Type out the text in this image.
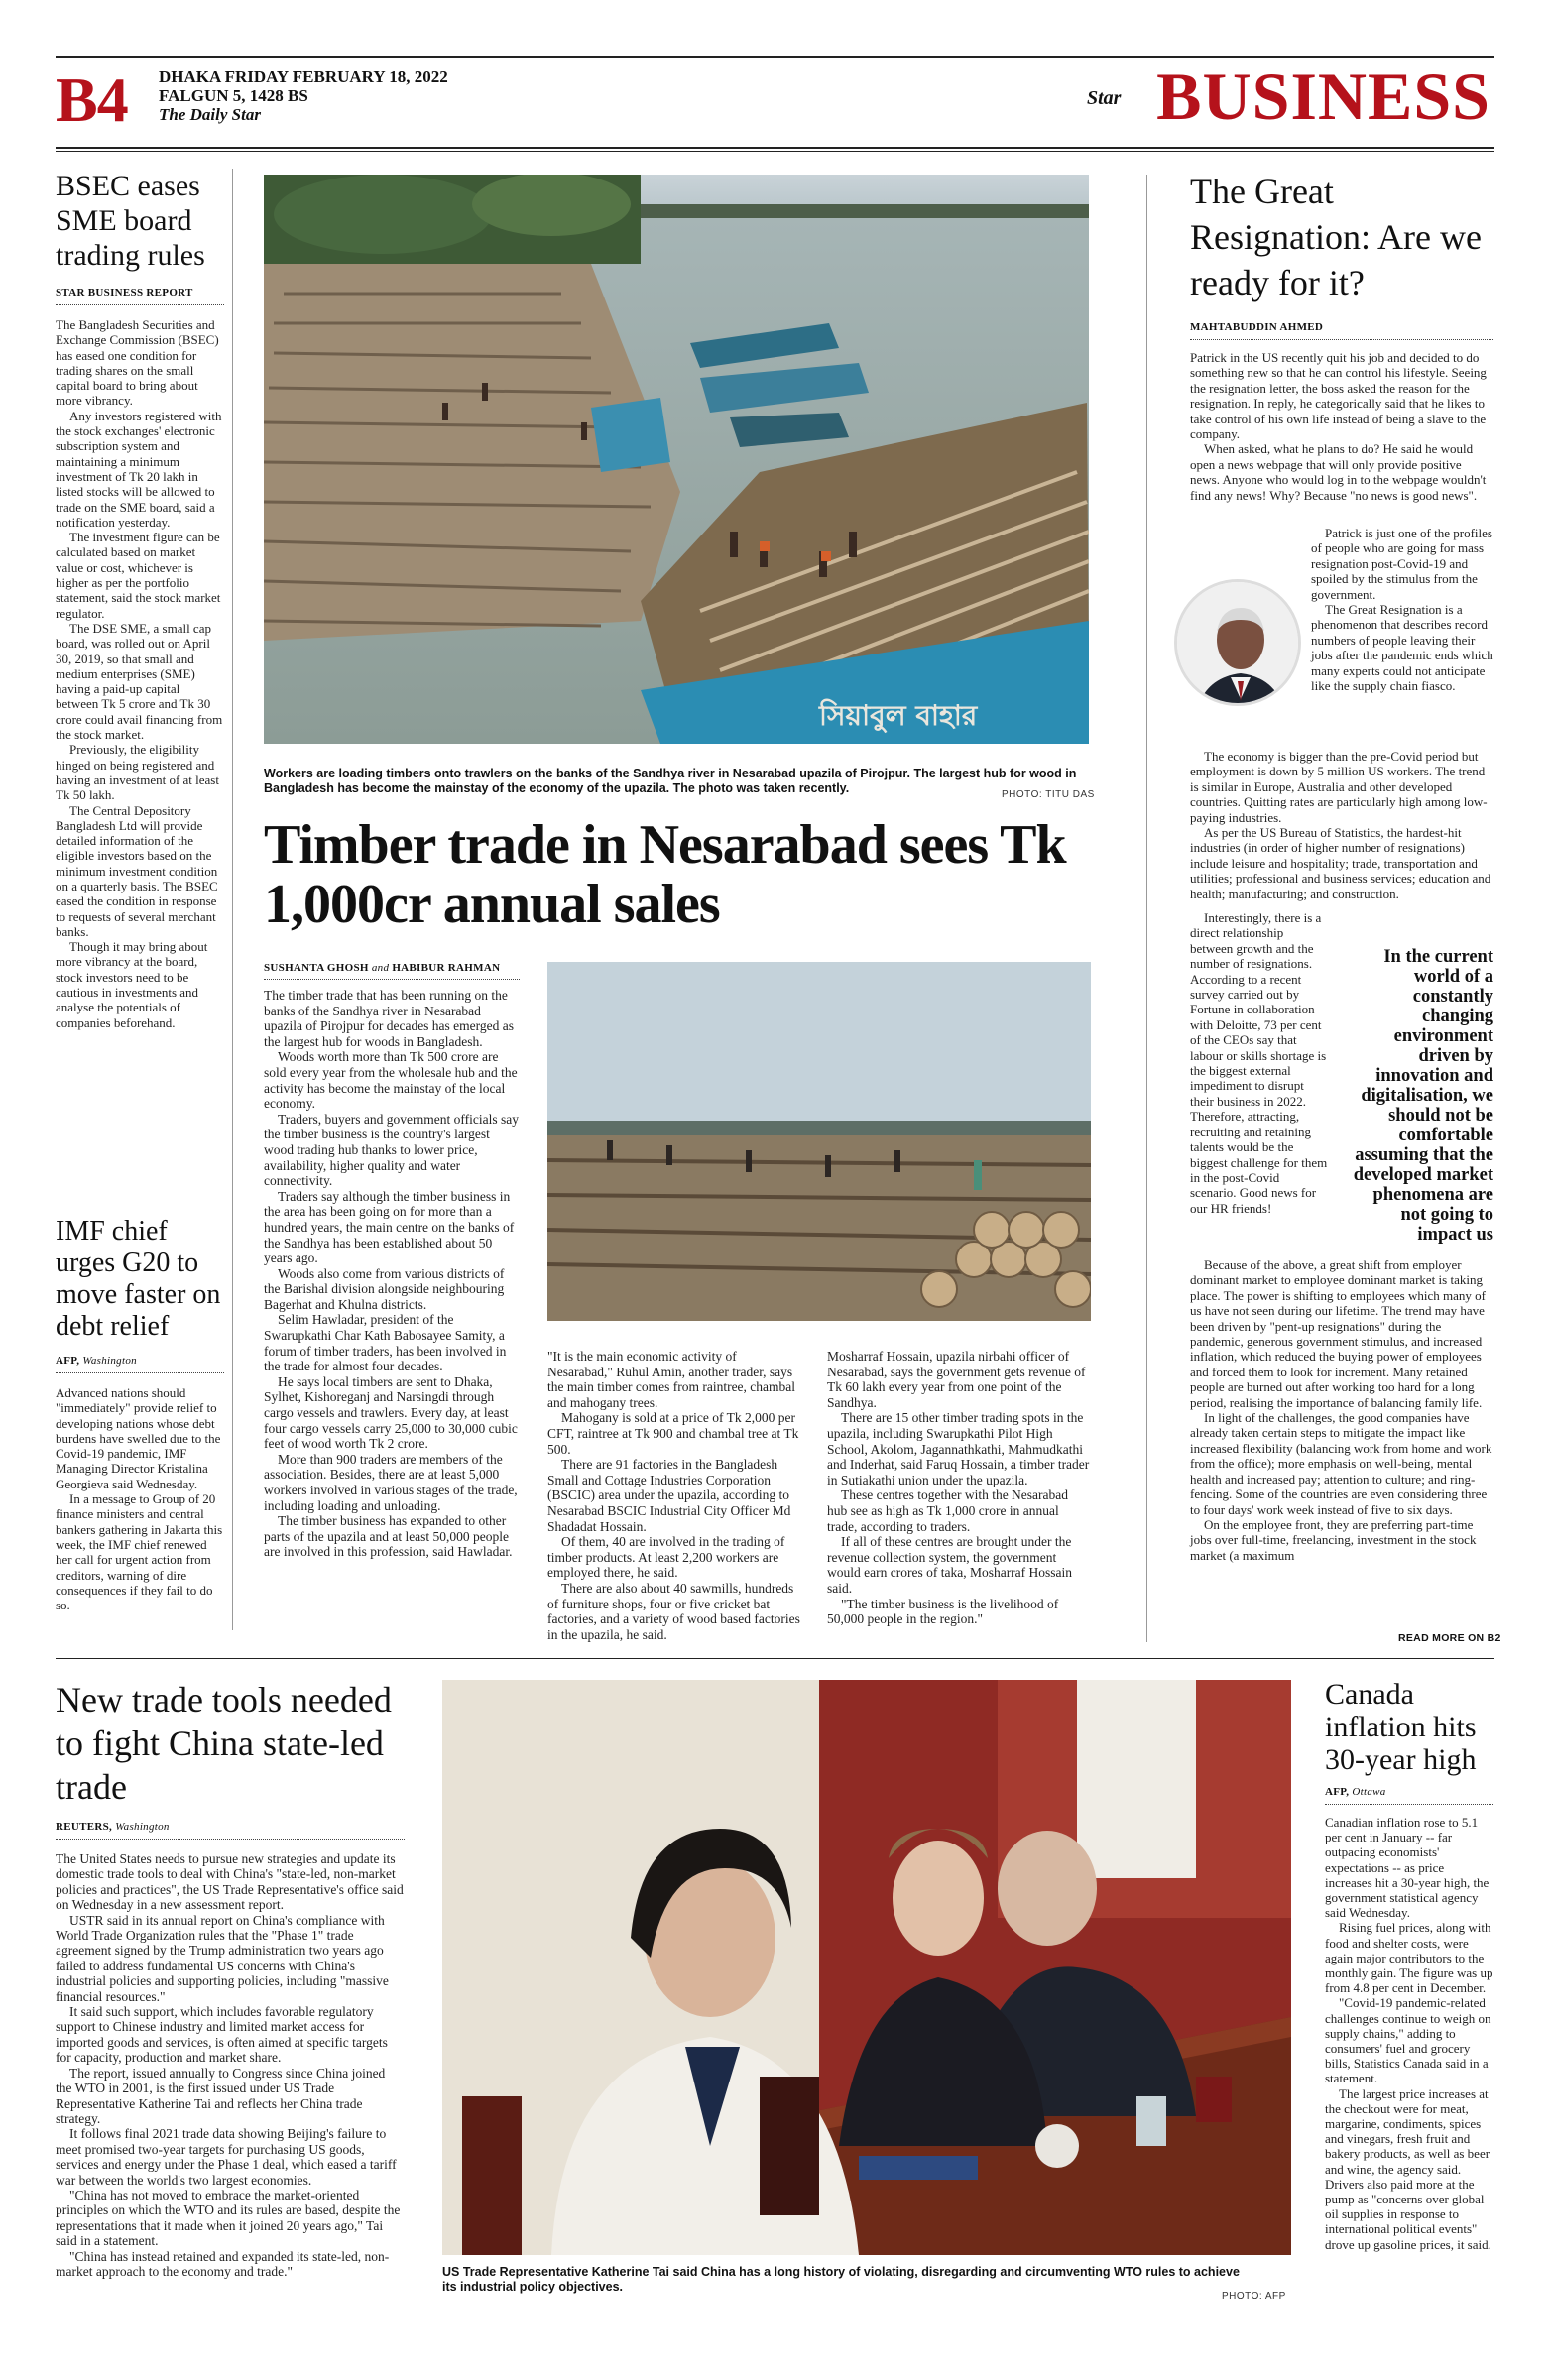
B4 DHAKA FRIDAY FEBRUARY 18, 2022
FALGUN 5, 1428 BS
The Daily Star
Star BUSINESS
BSEC eases SME board trading rules
STAR BUSINESS REPORT

The Bangladesh Securities and Exchange Commission (BSEC) has eased one condition for trading shares on the small capital board to bring about more vibrancy.

Any investors registered with the stock exchanges' electronic subscription system and maintaining a minimum investment of Tk 20 lakh in listed stocks will be allowed to trade on the SME board, said a notification yesterday.

The investment figure can be calculated based on market value or cost, whichever is higher as per the portfolio statement, said the stock market regulator.

The DSE SME, a small cap board, was rolled out on April 30, 2019, so that small and medium enterprises (SME) having a paid-up capital between Tk 5 crore and Tk 30 crore could avail financing from the stock market.

Previously, the eligibility hinged on being registered and having an investment of at least Tk 50 lakh.

The Central Depository Bangladesh Ltd will provide detailed information of the eligible investors based on the minimum investment condition on a quarterly basis. The BSEC eased the condition in response to requests of several merchant banks.

Though it may bring about more vibrancy at the board, stock investors need to be cautious in investments and analyse the potentials of companies beforehand.

IMF chief urges G20 to move faster on debt relief
AFP, Washington

Advanced nations should "immediately" provide relief to developing nations whose debt burdens have swelled due to the Covid-19 pandemic, IMF Managing Director Kristalina Georgieva said Wednesday.

In a message to Group of 20 finance ministers and central bankers gathering in Jakarta this week, the IMF chief renewed her call for urgent action from creditors, warning of dire consequences if they fail to do so.

সিয়াবুল বাহার
Workers are loading timbers onto trawlers on the banks of the Sandhya river in Nesarabad upazila of Pirojpur. The largest hub for wood in Bangladesh has become the mainstay of the economy of the upazila. The photo was taken recently.	PHOTO: TITU DAS
Timber trade in Nesarabad sees Tk 1,000cr annual sales
SUSHANTA GHOSH and HABIBUR RAHMAN

The timber trade that has been running on the banks of the Sandhya river in Nesarabad upazila of Pirojpur for decades has emerged as the largest hub for woods in Bangladesh.

Woods worth more than Tk 500 crore are sold every year from the wholesale hub and the activity has become the mainstay of the local economy.

Traders, buyers and government officials say the timber business is the country's largest wood trading hub thanks to lower price, availability, higher quality and water connectivity.

Traders say although the timber business in the area has been going on for more than a hundred years, the main centre on the banks of the Sandhya has been established about 50 years ago.

Woods also come from various districts of the Barishal division alongside neighbouring Bagerhat and Khulna districts.

Selim Hawladar, president of the Swarupkathi Char Kath Babosayee Samity, a forum of timber traders, has been involved in the trade for almost four decades.

He says local timbers are sent to Dhaka, Sylhet, Kishoreganj and Narsingdi through cargo vessels and trawlers. Every day, at least four cargo vessels carry 25,000 to 30,000 cubic feet of wood worth Tk 2 crore.

More than 900 traders are members of the association. Besides, there are at least 5,000 workers involved in various stages of the trade, including loading and unloading.

The timber business has expanded to other parts of the upazila and at least 50,000 people are involved in this profession, said Hawladar.

"It is the main economic activity of Nesarabad," Ruhul Amin, another trader, says the main timber comes from raintree, chambal and mahogany trees.

Mahogany is sold at a price of Tk 2,000 per CFT, raintree at Tk 900 and chambal tree at Tk 500.

There are 91 factories in the Bangladesh Small and Cottage Industries Corporation (BSCIC) area under the upazila, according to Nesarabad BSCIC Industrial City Officer Md Shadadat Hossain.

Of them, 40 are involved in the trading of timber products. At least 2,200 workers are employed there, he said.

There are also about 40 sawmills, hundreds of furniture shops, four or five cricket bat factories, and a variety of wood based factories in the upazila, he said.

Mosharraf Hossain, upazila nirbahi officer of Nesarabad, says the government gets revenue of Tk 60 lakh every year from one point of the Sandhya.

There are 15 other timber trading spots in the upazila, including Swarupkathi Pilot High School, Akolom, Jagannathkathi, Mahmudkathi and Inderhat, said Faruq Hossain, a timber trader in Sutiakathi union under the upazila.

These centres together with the Nesarabad hub see as high as Tk 1,000 crore in annual trade, according to traders.

If all of these centres are brought under the revenue collection system, the government would earn crores of taka, Mosharraf Hossain said.

"The timber business is the livelihood of 50,000 people in the region."

The Great Resignation: Are we ready for it?
MAHTABUDDIN AHMED

Patrick in the US recently quit his job and decided to do something new so that he can control his lifestyle. Seeing the resignation letter, the boss asked the reason for the resignation. In reply, he categorically said that he likes to take control of his own life instead of being a slave to the company.

When asked, what he plans to do? He said he would open a news webpage that will only provide positive news. Anyone who would log in to the webpage wouldn't find any news! Why? Because "no news is good news".

Patrick is just one of the profiles of people who are going for mass resignation post-Covid-19 and spoiled by the stimulus from the government.

The Great Resignation is a phenomenon that describes record numbers of people leaving their jobs after the pandemic ends which many experts could not anticipate like the supply chain fiasco.

The economy is bigger than the pre-Covid period but employment is down by 5 million US workers. The trend is similar in Europe, Australia and other developed countries. Quitting rates are particularly high among low-paying industries.

As per the US Bureau of Statistics, the hardest-hit industries (in order of higher number of resignations) include leisure and hospitality; trade, transportation and utilities; professional and business services; education and health; manufacturing; and construction.

Interestingly, there is a direct relationship between growth and the number of resignations. According to a recent survey carried out by Fortune in collaboration with Deloitte, 73 per cent of the CEOs say that labour or skills shortage is the biggest external impediment to disrupt their business in 2022. Therefore, attracting, recruiting and retaining talents would be the biggest challenge for them in the post-Covid scenario. Good news for our HR friends!

In the current world of a constantly changing environment driven by innovation and digitalisation, we should not be comfortable assuming that the developed market phenomena are not going to impact us

Because of the above, a great shift from employer dominant market to employee dominant market is taking place. The power is shifting to employees which many of us have not seen during our lifetime. The trend may have been driven by "pent-up resignations" during the pandemic, generous government stimulus, and increased inflation, which reduced the buying power of employees and forced them to look for increment. Many retained people are burned out after working too hard for a long period, realising the importance of balancing family life.

In light of the challenges, the good companies have already taken certain steps to mitigate the impact like increased flexibility (balancing work from home and work from the office); more emphasis on well-being, mental health and increased pay; attention to culture; and ring-fencing. Some of the countries are even considering three to four days' work week instead of five to six days.

On the employee front, they are preferring part-time jobs over full-time, freelancing, investment in the stock market (a maximum

READ MORE ON B2
New trade tools needed to fight China state-led trade
REUTERS, Washington

The United States needs to pursue new strategies and update its domestic trade tools to deal with China's "state-led, non-market policies and practices", the US Trade Representative's office said on Wednesday in a new assessment report.

USTR said in its annual report on China's compliance with World Trade Organization rules that the "Phase 1" trade agreement signed by the Trump administration two years ago failed to address fundamental US concerns with China's industrial policies and supporting policies, including "massive financial resources."

It said such support, which includes favorable regulatory support to Chinese industry and limited market access for imported goods and services, is often aimed at specific targets for capacity, production and market share.

The report, issued annually to Congress since China joined the WTO in 2001, is the first issued under US Trade Representative Katherine Tai and reflects her China trade strategy.

It follows final 2021 trade data showing Beijing's failure to meet promised two-year targets for purchasing US goods, services and energy under the Phase 1 deal, which eased a tariff war between the world's two largest economies.

"China has not moved to embrace the market-oriented principles on which the WTO and its rules are based, despite the representations that it made when it joined 20 years ago," Tai said in a statement.

"China has instead retained and expanded its state-led, non-market approach to the economy and trade."	US Trade Representative Katherine Tai said China has a long history of violating, disregarding and circumventing WTO rules to achieve its industrial policy objectives.
PHOTO: AFP
Canada inflation hits 30-year high
AFP, Ottawa

Canadian inflation rose to 5.1 per cent in January -- far outpacing economists' expectations -- as price increases hit a 30-year high, the government statistical agency said Wednesday.

Rising fuel prices, along with food and shelter costs, were again major contributors to the monthly gain. The figure was up from 4.8 per cent in December.

"Covid-19 pandemic-related challenges continue to weigh on supply chains," adding to consumers' fuel and grocery bills, Statistics Canada said in a statement.

The largest price increases at the checkout were for meat, margarine, condiments, spices and vinegars, fresh fruit and bakery products, as well as beer and wine, the agency said. Drivers also paid more at the pump as "concerns over global oil supplies in response to international political events" drove up gasoline prices, it said.
